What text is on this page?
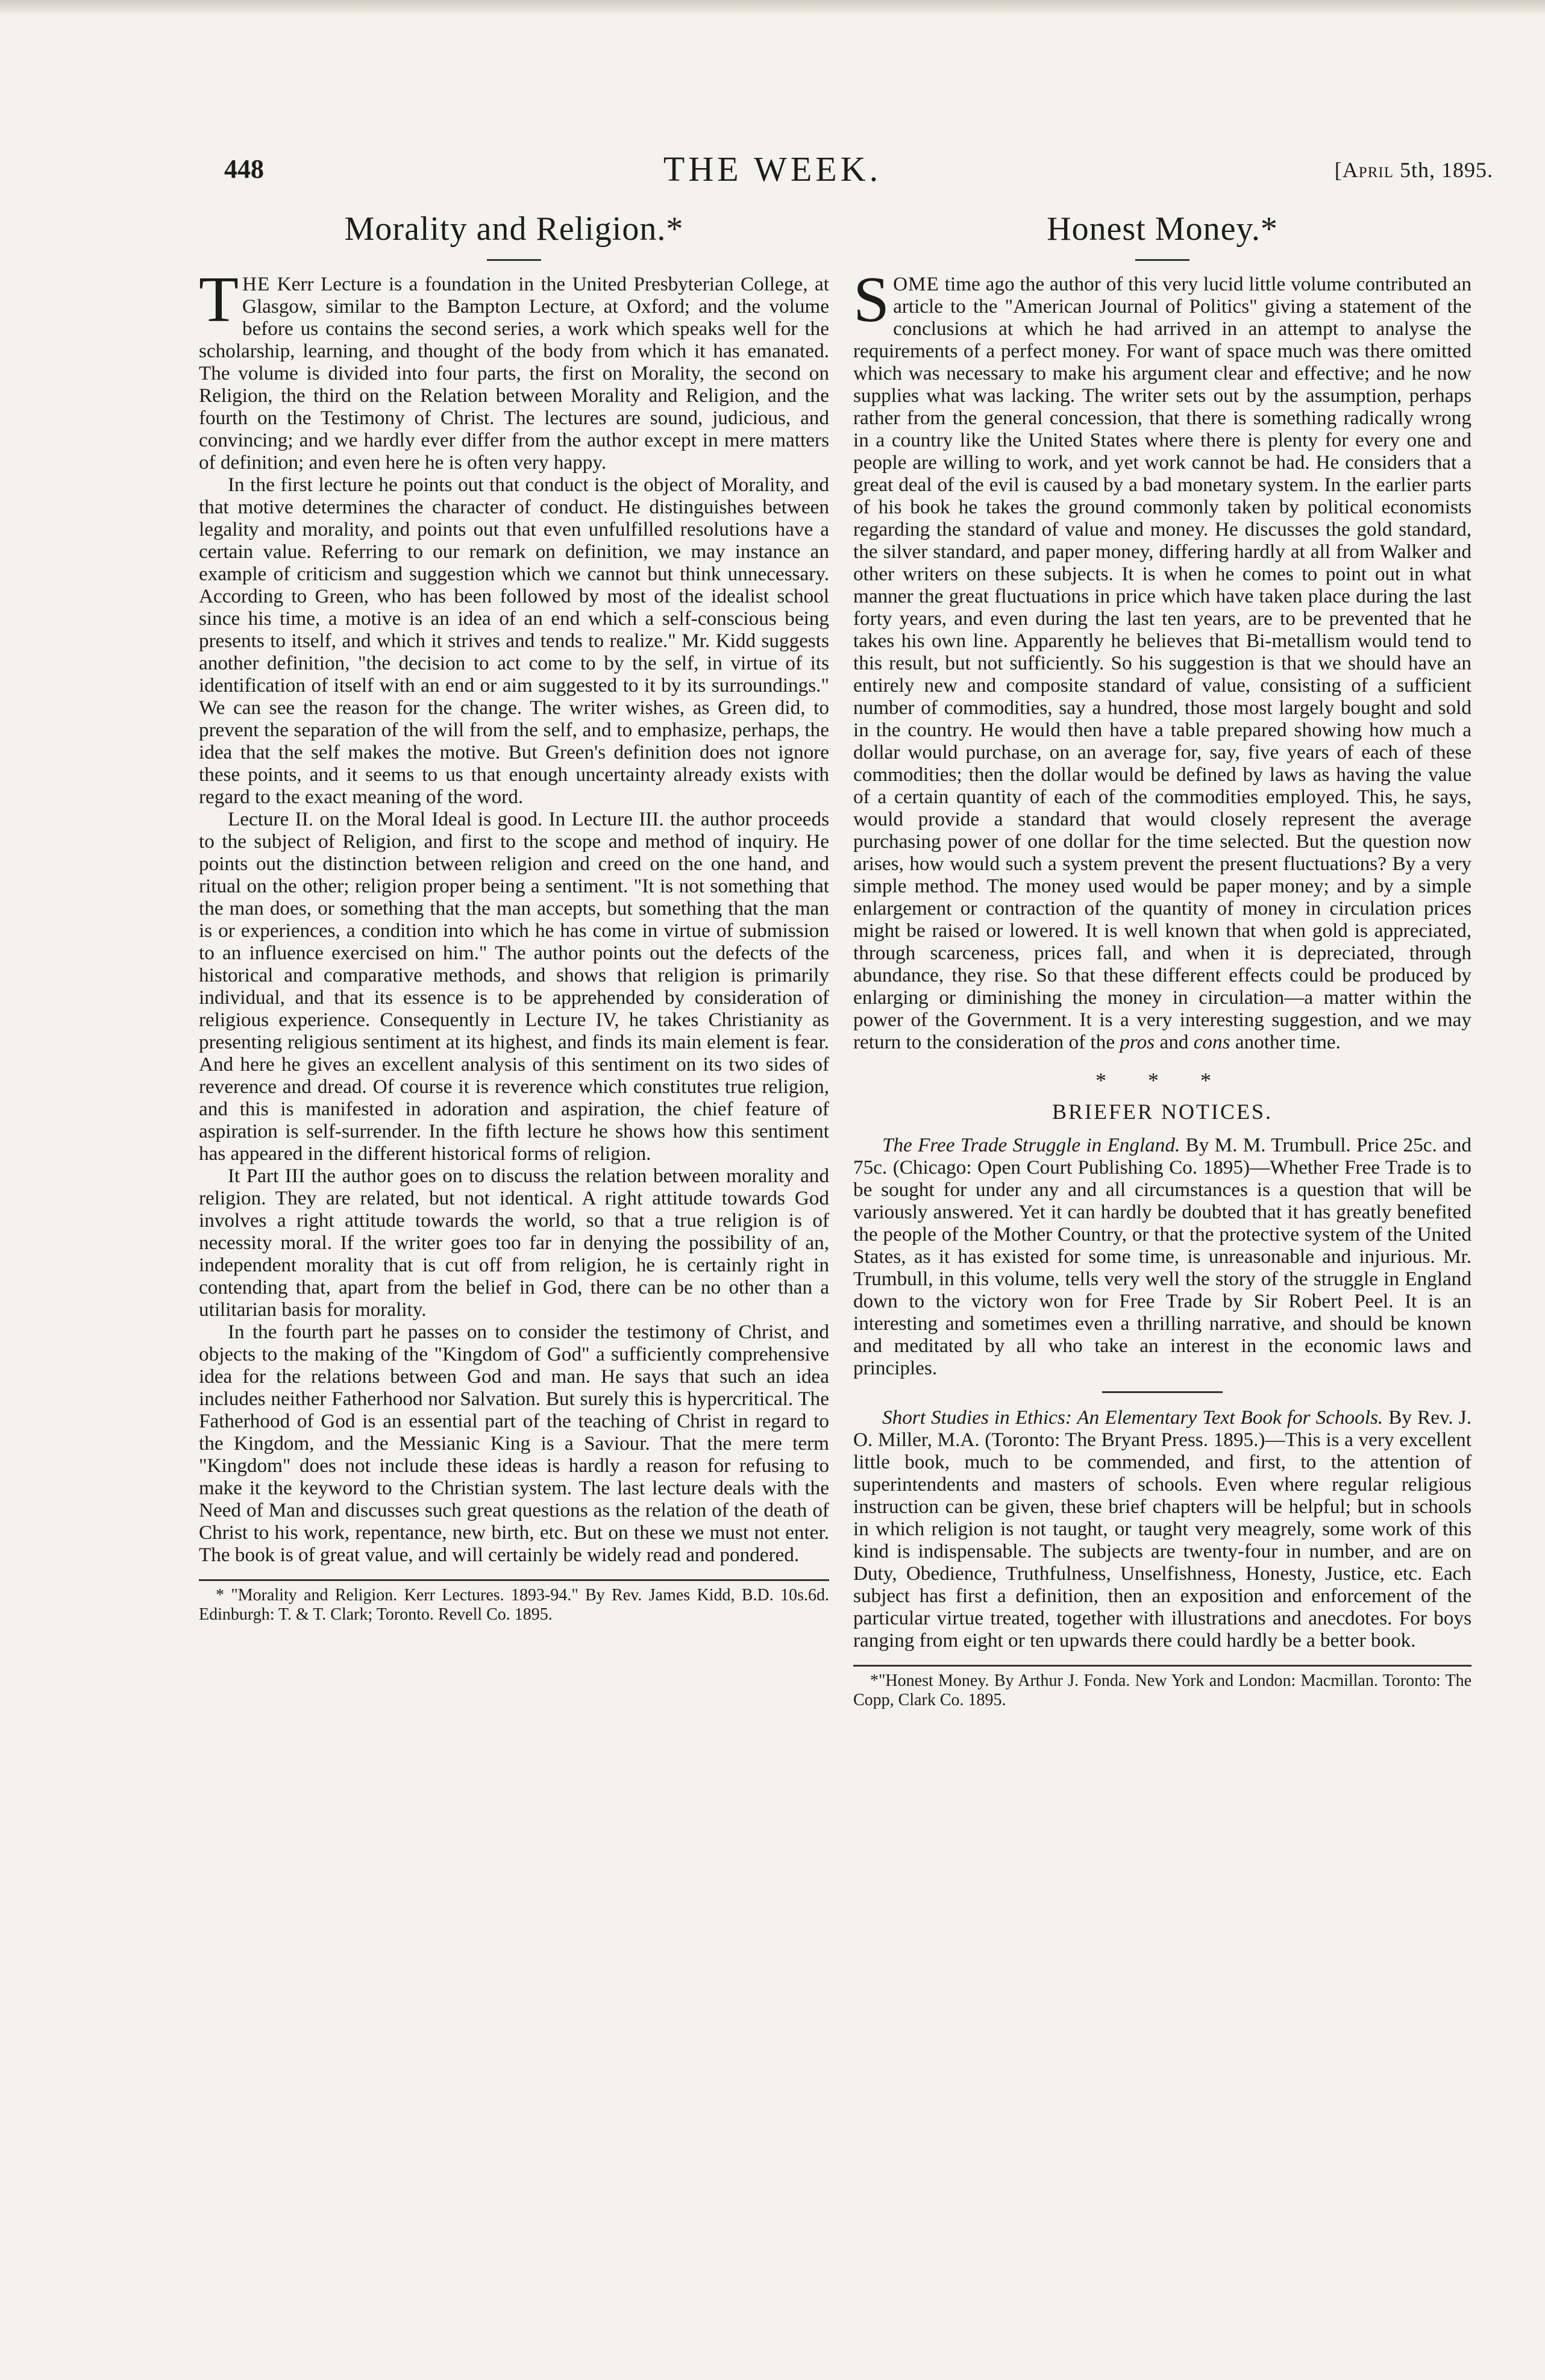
448	THE WEEK.	[April 5th, 1895.
Morality and Religion.*

THE Kerr Lecture is a foundation in the United Presbyterian College, at Glasgow, similar to the Bampton Lecture, at Oxford; and the volume before us contains the second series, a work which speaks well for the scholarship, learning, and thought of the body from which it has emanated. The volume is divided into four parts, the first on Morality, the second on Religion, the third on the Relation between Morality and Religion, and the fourth on the Testimony of Christ. The lectures are sound, judicious, and convincing; and we hardly ever differ from the author except in mere matters of definition; and even here he is often very happy.

In the first lecture he points out that conduct is the object of Morality, and that motive determines the character of conduct. He distinguishes between legality and morality, and points out that even unfulfilled resolutions have a certain value. Referring to our remark on definition, we may instance an example of criticism and suggestion which we cannot but think unnecessary. According to Green, who has been followed by most of the idealist school since his time, a motive is an idea of an end which a self-conscious being presents to itself, and which it strives and tends to realize." Mr. Kidd suggests another definition, "the decision to act come to by the self, in virtue of its identification of itself with an end or aim suggested to it by its surroundings." We can see the reason for the change. The writer wishes, as Green did, to prevent the separation of the will from the self, and to emphasize, perhaps, the idea that the self makes the motive. But Green's definition does not ignore these points, and it seems to us that enough uncertainty already exists with regard to the exact meaning of the word.

Lecture II. on the Moral Ideal is good. In Lecture III. the author proceeds to the subject of Religion, and first to the scope and method of inquiry. He points out the distinction between religion and creed on the one hand, and ritual on the other; religion proper being a sentiment. "It is not something that the man does, or something that the man accepts, but something that the man is or experiences, a condition into which he has come in virtue of submission to an influence exercised on him." The author points out the defects of the historical and comparative methods, and shows that religion is primarily individual, and that its essence is to be apprehended by consideration of religious experience. Consequently in Lecture IV, he takes Christianity as presenting religious sentiment at its highest, and finds its main element is fear. And here he gives an excellent analysis of this sentiment on its two sides of reverence and dread. Of course it is reverence which constitutes true religion, and this is manifested in adoration and aspiration, the chief feature of aspiration is self-surrender. In the fifth lecture he shows how this sentiment has appeared in the different historical forms of religion.

It Part III the author goes on to discuss the relation between morality and religion. They are related, but not identical. A right attitude towards God involves a right attitude towards the world, so that a true religion is of necessity moral. If the writer goes too far in denying the possibility of an, independent morality that is cut off from religion, he is certainly right in contending that, apart from the belief in God, there can be no other than a utilitarian basis for morality.

In the fourth part he passes on to consider the testimony of Christ, and objects to the making of the "Kingdom of God" a sufficiently comprehensive idea for the relations between God and man. He says that such an idea includes neither Fatherhood nor Salvation. But surely this is hypercritical. The Fatherhood of God is an essential part of the teaching of Christ in regard to the Kingdom, and the Messianic King is a Saviour. That the mere term "Kingdom" does not include these ideas is hardly a reason for refusing to make it the keyword to the Christian system. The last lecture deals with the Need of Man and discusses such great questions as the relation of the death of Christ to his work, repentance, new birth, etc. But on these we must not enter. The book is of great value, and will certainly be widely read and pondered.

* "Morality and Religion. Kerr Lectures. 1893-94." By Rev. James Kidd, B.D. 10s.6d. Edinburgh: T. & T. Clark; Toronto. Revell Co. 1895.

Honest Money.*

SOME time ago the author of this very lucid little volume contributed an article to the "American Journal of Politics" giving a statement of the conclusions at which he had arrived in an attempt to analyse the requirements of a perfect money. For want of space much was there omitted which was necessary to make his argument clear and effective; and he now supplies what was lacking. The writer sets out by the assumption, perhaps rather from the general concession, that there is something radically wrong in a country like the United States where there is plenty for every one and people are willing to work, and yet work cannot be had. He considers that a great deal of the evil is caused by a bad monetary system. In the earlier parts of his book he takes the ground commonly taken by political economists regarding the standard of value and money. He discusses the gold standard, the silver standard, and paper money, differing hardly at all from Walker and other writers on these subjects. It is when he comes to point out in what manner the great fluctuations in price which have taken place during the last forty years, and even during the last ten years, are to be prevented that he takes his own line. Apparently he believes that Bi-metallism would tend to this result, but not sufficiently. So his suggestion is that we should have an entirely new and composite standard of value, consisting of a sufficient number of commodities, say a hundred, those most largely bought and sold in the country. He would then have a table prepared showing how much a dollar would purchase, on an average for, say, five years of each of these commodities; then the dollar would be defined by laws as having the value of a certain quantity of each of the commodities employed. This, he says, would provide a standard that would closely represent the average purchasing power of one dollar for the time selected. But the question now arises, how would such a system prevent the present fluctuations? By a very simple method. The money used would be paper money; and by a simple enlargement or contraction of the quantity of money in circulation prices might be raised or lowered. It is well known that when gold is appreciated, through scarceness, prices fall, and when it is depreciated, through abundance, they rise. So that these different effects could be produced by enlarging or diminishing the money in circulation—a matter within the power of the Government. It is a very interesting suggestion, and we may return to the consideration of the pros and cons another time.

* * *
BRIEFER NOTICES.

The Free Trade Struggle in England. By M. M. Trumbull. Price 25c. and 75c. (Chicago: Open Court Publishing Co. 1895)—Whether Free Trade is to be sought for under any and all circumstances is a question that will be variously answered. Yet it can hardly be doubted that it has greatly benefited the people of the Mother Country, or that the protective system of the United States, as it has existed for some time, is unreasonable and injurious. Mr. Trumbull, in this volume, tells very well the story of the struggle in England down to the victory won for Free Trade by Sir Robert Peel. It is an interesting and sometimes even a thrilling narrative, and should be known and meditated by all who take an interest in the economic laws and principles.

Short Studies in Ethics: An Elementary Text Book for Schools. By Rev. J. O. Miller, M.A. (Toronto: The Bryant Press. 1895.)—This is a very excellent little book, much to be commended, and first, to the attention of superintendents and masters of schools. Even where regular religious instruction can be given, these brief chapters will be helpful; but in schools in which religion is not taught, or taught very meagrely, some work of this kind is indispensable. The subjects are twenty-four in number, and are on Duty, Obedience, Truthfulness, Unselfishness, Honesty, Justice, etc. Each subject has first a definition, then an exposition and enforcement of the particular virtue treated, together with illustrations and anecdotes. For boys ranging from eight or ten upwards there could hardly be a better book.

*"Honest Money. By Arthur J. Fonda. New York and London: Macmillan. Toronto: The Copp, Clark Co. 1895.
